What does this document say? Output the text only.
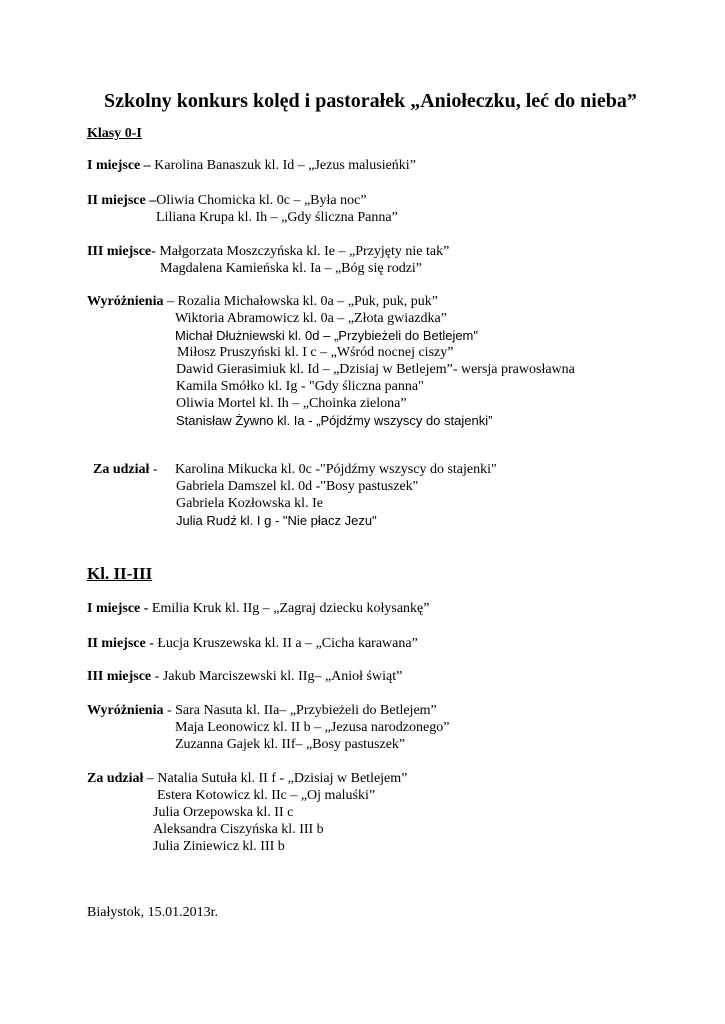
Szkolny konkurs kolęd i pastorałek „Aniołeczku, leć do nieba”
Klasy 0-I
I miejsce – Karolina Banaszuk kl. Id – „Jezus malusieńki”
II miejsce –Oliwia Chomicka kl. 0c – „Była noc”
Liliana Krupa kl. Ih – „Gdy śliczna Panna”
III miejsce- Małgorzata Moszczyńska kl. Ie – „Przyjęty nie tak”
Magdalena Kamieńska kl. Ia – „Bóg się rodzi”
Wyróżnienia – Rozalia Michałowska kl. 0a – „Puk, puk, puk”
Wiktoria Abramowicz kl. 0a – „Złota gwiazdka”
Michał Dłużniewski kl. 0d – „Przybieżeli do Betlejem"
Miłosz Pruszyński kl. I c – „Wśród nocnej ciszy”
Dawid Gierasimiuk kl. Id – „Dzisiaj w Betlejem”- wersja prawosławna
Kamila Smółko kl. Ig - "Gdy śliczna panna"
Oliwia Mortel kl. Ih – „Choinka zielona”
Stanisław Żywno kl. Ia - „Pójdźmy wszyscy do stajenki”
Za udział - Karolina Mikucka kl. 0c -"Pójdźmy wszyscy do stajenki"
Gabriela Damszel kl. 0d -"Bosy pastuszek"
Gabriela Kozłowska kl. Ie
Julia Rudź kl. I g - "Nie płacz Jezu"
Kl. II-III
I miejsce - Emilia Kruk kl. IIg – „Zagraj dziecku kołysankę”
II miejsce - Łucja Kruszewska kl. II a – „Cicha karawana”
III miejsce - Jakub Marciszewski kl. IIg– „Anioł świąt”
Wyróżnienia - Sara Nasuta kl. IIa– „Przybieżeli do Betlejem”
Maja Leonowicz kl. II b – „Jezusa narodzonego”
Zuzanna Gajek kl. IIf– „Bosy pastuszek”
Za udział – Natalia Sutuła kl. II f - „Dzisiaj w Betlejem”
Estera Kotowicz kl. IIc – „Oj maluśki”
Julia Orzepowska kl. II c
Aleksandra Ciszyńska kl. III b
Julia Ziniewicz kl. III b
Białystok, 15.01.2013r.
